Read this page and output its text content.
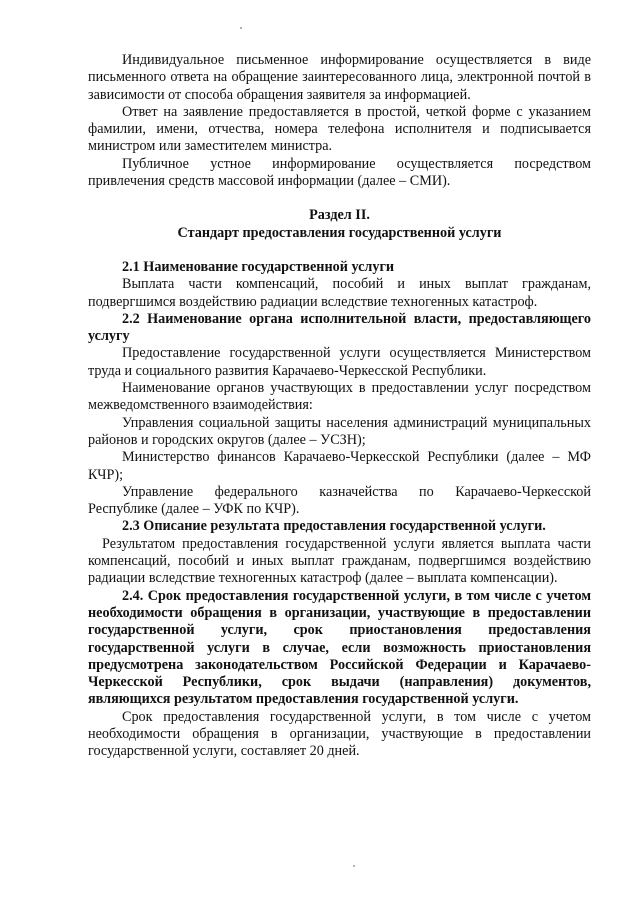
Индивидуальное письменное информирование осуществляется в виде письменного ответа на обращение заинтересованного лица, электронной почтой в зависимости от способа обращения заявителя за информацией.

Ответ на заявление предоставляется в простой, четкой форме с указанием фамилии, имени, отчества, номера телефона исполнителя и подписывается министром или заместителем министра.

Публичное устное информирование осуществляется посредством привлечения средств массовой информации (далее – СМИ).

Раздел II.

Стандарт предоставления государственной услуги

2.1 Наименование государственной услуги

Выплата части компенсаций, пособий и иных выплат гражданам, подвергшимся воздействию радиации вследствие техногенных катастроф.

2.2 Наименование органа исполнительной власти, предоставляющего услугу

Предоставление государственной услуги осуществляется Министерством труда и социального развития Карачаево-Черкесской Республики.

Наименование органов участвующих в предоставлении услуг посредством межведомственного взаимодействия:

Управления социальной защиты населения администраций муниципальных районов и городских округов (далее – УСЗН);

Министерство финансов Карачаево-Черкесской Республики (далее – МФ КЧР);

Управление федерального казначейства по Карачаево-Черкесской Республике (далее – УФК по КЧР).

2.3 Описание результата предоставления государственной услуги.

Результатом предоставления государственной услуги является выплата части компенсаций, пособий и иных выплат гражданам, подвергшимся воздействию радиации вследствие техногенных катастроф (далее – выплата компенсации).

2.4. Срок предоставления государственной услуги, в том числе с учетом необходимости обращения в организации, участвующие в предоставлении государственной услуги, срок приостановления предоставления государственной услуги в случае, если возможность приостановления предусмотрена законодательством Российской Федерации и Карачаево-Черкесской Республики, срок выдачи (направления) документов, являющихся результатом предоставления государственной услуги.

Срок предоставления государственной услуги, в том числе с учетом необходимости обращения в организации, участвующие в предоставлении государственной услуги, составляет 20 дней.
